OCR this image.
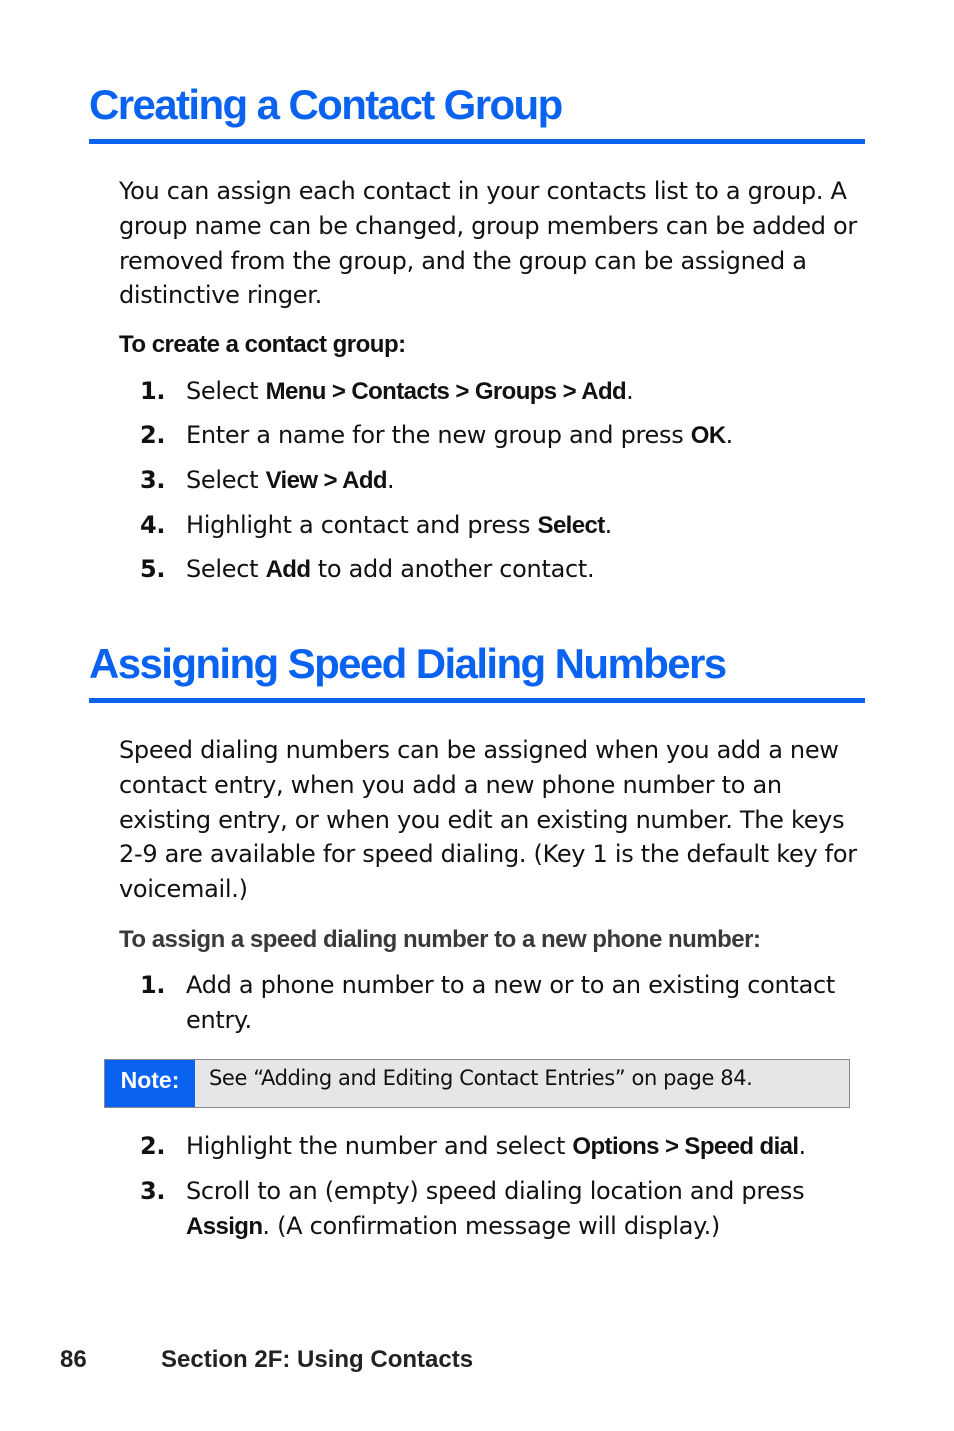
Creating a Contact Group

You can assign each contact in your contacts list to a group. A group name can be changed, group members can be added or removed from the group, and the group can be assigned a distinctive ringer.

To create a contact group:
1. Select Menu > Contacts > Groups > Add.
2. Enter a name for the new group and press OK.
3. Select View > Add.
4. Highlight a contact and press Select.
5. Select Add to add another contact.
Assigning Speed Dialing Numbers

Speed dialing numbers can be assigned when you add a new contact entry, when you add a new phone number to an existing entry, or when you edit an existing number. The keys 2-9 are available for speed dialing. (Key 1 is the default key for voicemail.)

To assign a speed dialing number to a new phone number:
1. Add a phone number to a new or to an existing contact entry.
Note:	See “Adding and Editing Contact Entries” on page 84.
2. Highlight the number and select Options > Speed dial.
3. Scroll to an (empty) speed dialing location and press Assign. (A confirmation message will display.)
86	Section 2F: Using Contacts
